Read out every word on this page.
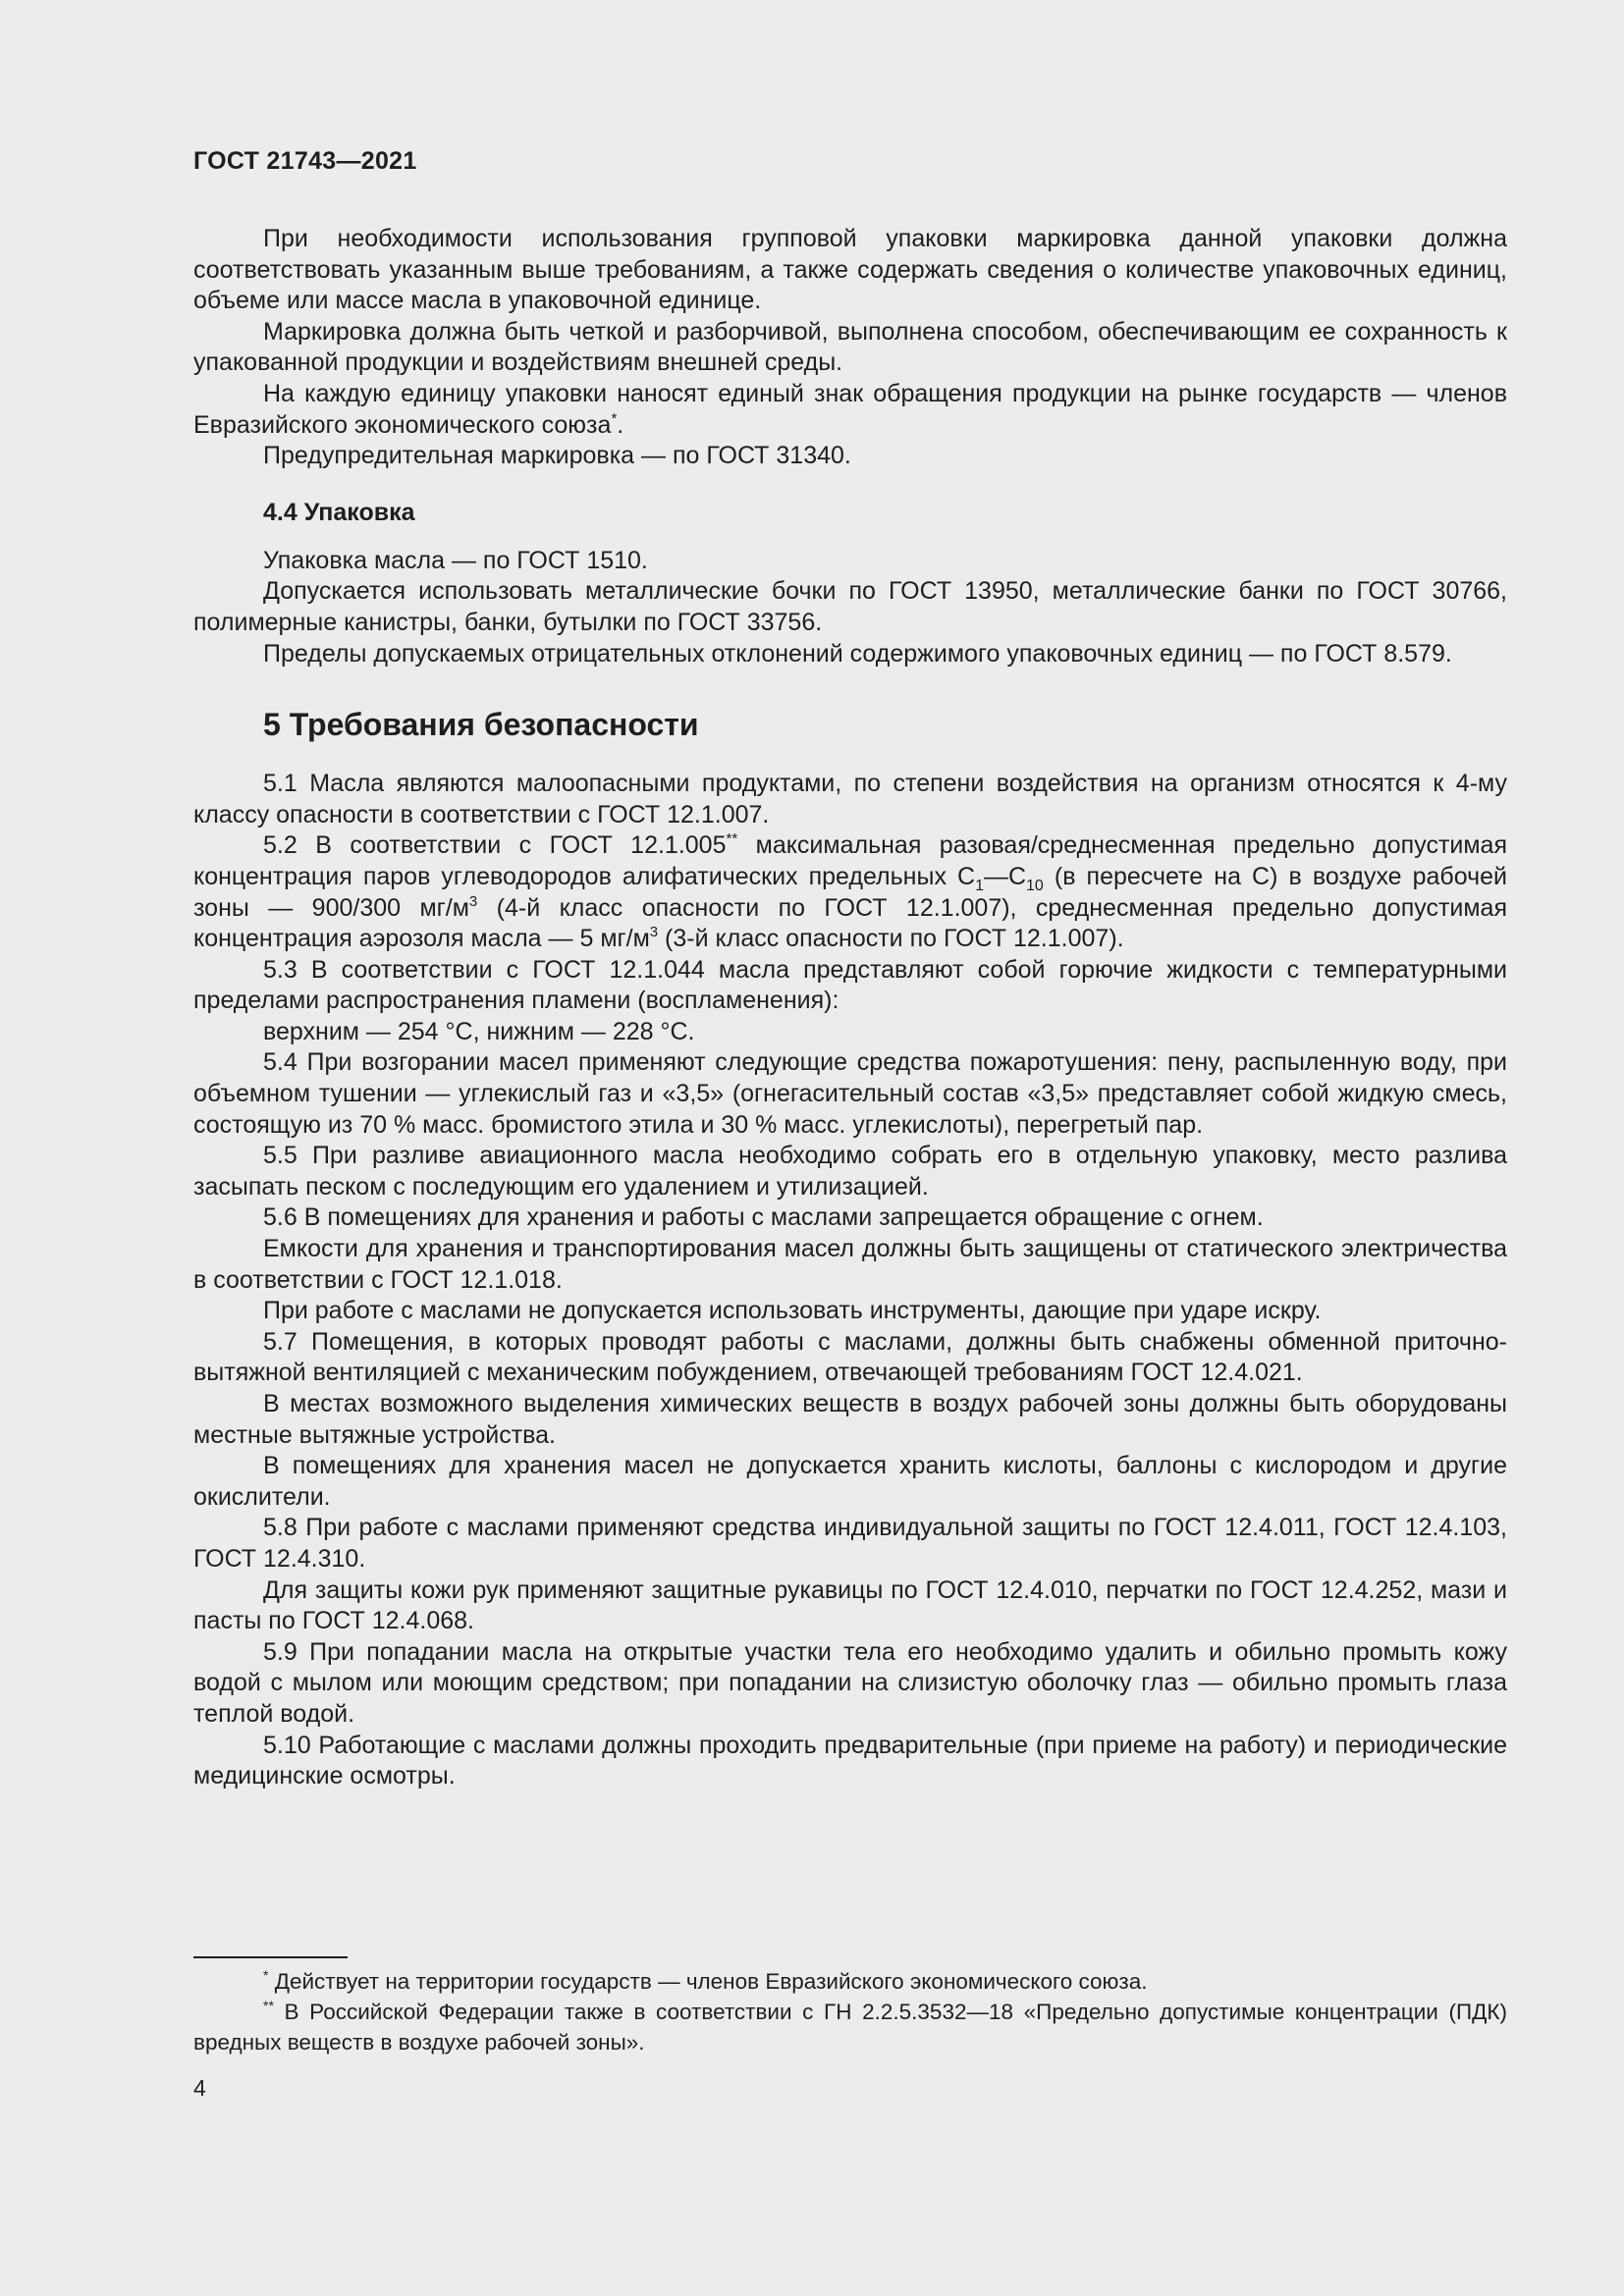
ГОСТ 21743—2021

При необходимости использования групповой упаковки маркировка данной упаковки должна соответствовать указанным выше требованиям, а также содержать сведения о количестве упаковочных единиц, объеме или массе масла в упаковочной единице.

Маркировка должна быть четкой и разборчивой, выполнена способом, обеспечивающим ее сохранность к упакованной продукции и воздействиям внешней среды.

На каждую единицу упаковки наносят единый знак обращения продукции на рынке государств — членов Евразийского экономического союза*.

Предупредительная маркировка — по ГОСТ 31340.

4.4 Упаковка

Упаковка масла — по ГОСТ 1510.

Допускается использовать металлические бочки по ГОСТ 13950, металлические банки по ГОСТ 30766, полимерные канистры, банки, бутылки по ГОСТ 33756.

Пределы допускаемых отрицательных отклонений содержимого упаковочных единиц — по ГОСТ 8.579.

5 Требования безопасности

5.1 Масла являются малоопасными продуктами, по степени воздействия на организм относятся к 4-му классу опасности в соответствии с ГОСТ 12.1.007.

5.2 В соответствии с ГОСТ 12.1.005** максимальная разовая/среднесменная предельно допустимая концентрация паров углеводородов алифатических предельных $С_1—С_{10}$ (в пересчете на С) в воздухе рабочей зоны — 900/300 $мг/м^3$ (4-й класс опасности по ГОСТ 12.1.007), среднесменная предельно допустимая концентрация аэрозоля масла — 5 $мг/м^3$ (3-й класс опасности по ГОСТ 12.1.007).

5.3 В соответствии с ГОСТ 12.1.044 масла представляют собой горючие жидкости с температурными пределами распространения пламени (воспламенения):

верхним — 254 °С, нижним — 228 °С.

5.4 При возгорании масел применяют следующие средства пожаротушения: пену, распыленную воду, при объемном тушении — углекислый газ и «3,5» (огнегасительный состав «3,5» представляет собой жидкую смесь, состоящую из 70 % масс. бромистого этила и 30 % масс. углекислоты), перегретый пар.

5.5 При разливе авиационного масла необходимо собрать его в отдельную упаковку, место разлива засыпать песком с последующим его удалением и утилизацией.

5.6 В помещениях для хранения и работы с маслами запрещается обращение с огнем.

Емкости для хранения и транспортирования масел должны быть защищены от статического электричества в соответствии с ГОСТ 12.1.018.

При работе с маслами не допускается использовать инструменты, дающие при ударе искру.

5.7 Помещения, в которых проводят работы с маслами, должны быть снабжены обменной приточно-вытяжной вентиляцией с механическим побуждением, отвечающей требованиям ГОСТ 12.4.021.

В местах возможного выделения химических веществ в воздух рабочей зоны должны быть оборудованы местные вытяжные устройства.

В помещениях для хранения масел не допускается хранить кислоты, баллоны с кислородом и другие окислители.

5.8 При работе с маслами применяют средства индивидуальной защиты по ГОСТ 12.4.011, ГОСТ 12.4.103, ГОСТ 12.4.310.

Для защиты кожи рук применяют защитные рукавицы по ГОСТ 12.4.010, перчатки по ГОСТ 12.4.252, мази и пасты по ГОСТ 12.4.068.

5.9 При попадании масла на открытые участки тела его необходимо удалить и обильно промыть кожу водой с мылом или моющим средством; при попадании на слизистую оболочку глаз — обильно промыть глаза теплой водой.

5.10 Работающие с маслами должны проходить предварительные (при приеме на работу) и периодические медицинские осмотры.

* Действует на территории государств — членов Евразийского экономического союза.

** В Российской Федерации также в соответствии с ГН 2.2.5.3532—18 «Предельно допустимые концентрации (ПДК) вредных веществ в воздухе рабочей зоны».

4
